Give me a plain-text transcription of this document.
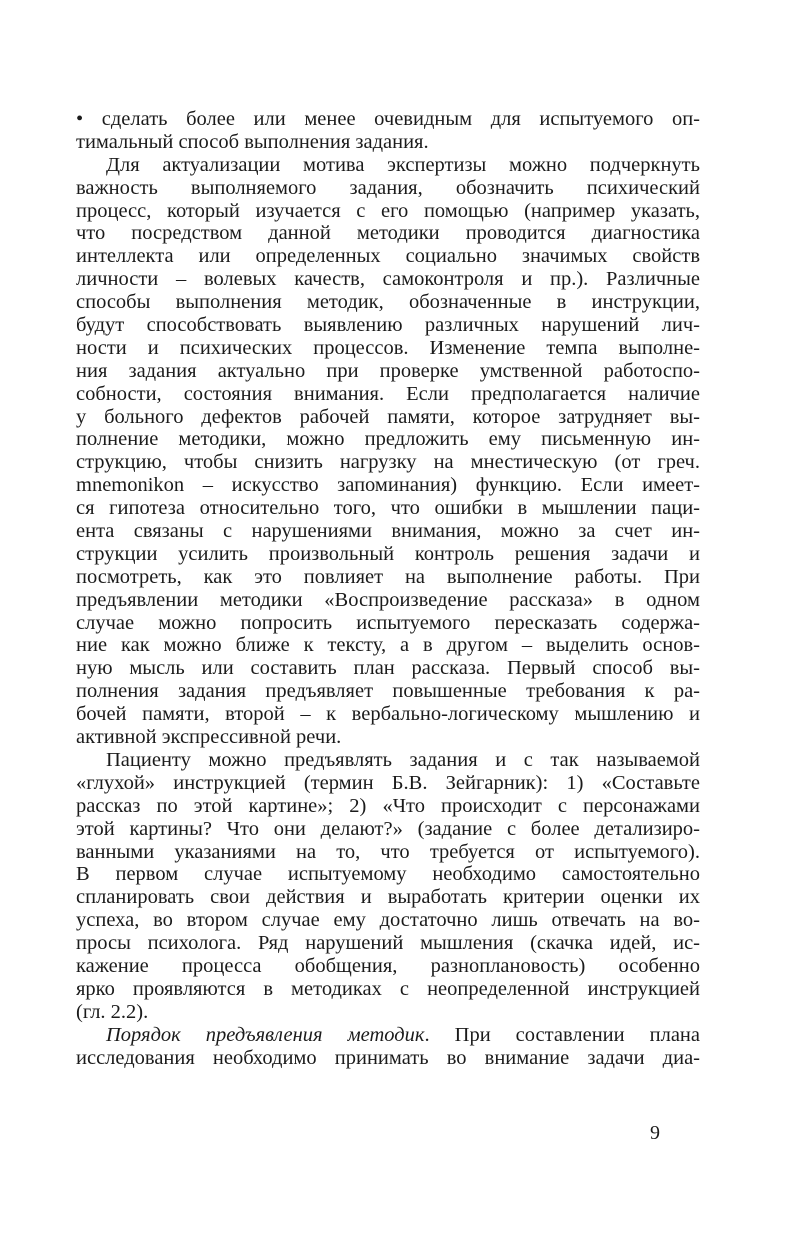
• сделать более или менее очевидным для испытуемого оп-
тимальный способ выполнения задания.
Для актуализации мотива экспертизы можно подчеркнуть
важность выполняемого задания, обозначить психический
процесс, который изучается с его помощью (например указать,
что посредством данной методики проводится диагностика
интеллекта или определенных социально значимых свойств
личности – волевых качеств, самоконтроля и пр.). Различные
способы выполнения методик, обозначенные в инструкции,
будут способствовать выявлению различных нарушений лич-
ности и психических процессов. Изменение темпа выполне-
ния задания актуально при проверке умственной работоспо-
собности, состояния внимания. Если предполагается наличие
у больного дефектов рабочей памяти, которое затрудняет вы-
полнение методики, можно предложить ему письменную ин-
струкцию, чтобы снизить нагрузку на мнестическую (от греч.
mnemonikon – искусство запоминания) функцию. Если имеет-
ся гипотеза относительно того, что ошибки в мышлении паци-
ента связаны с нарушениями внимания, можно за счет ин-
струкции усилить произвольный контроль решения задачи и
посмотреть, как это повлияет на выполнение работы. При
предъявлении методики «Воспроизведение рассказа» в одном
случае можно попросить испытуемого пересказать содержа-
ние как можно ближе к тексту, а в другом – выделить основ-
ную мысль или составить план рассказа. Первый способ вы-
полнения задания предъявляет повышенные требования к ра-
бочей памяти, второй – к вербально-логическому мышлению и
активной экспрессивной речи.
Пациенту можно предъявлять задания и с так называемой
«глухой» инструкцией (термин Б.В. Зейгарник): 1) «Составьте
рассказ по этой картине»; 2) «Что происходит с персонажами
этой картины? Что они делают?» (задание с более детализиро-
ванными указаниями на то, что требуется от испытуемого).
В первом случае испытуемому необходимо самостоятельно
спланировать свои действия и выработать критерии оценки их
успеха, во втором случае ему достаточно лишь отвечать на во-
просы психолога. Ряд нарушений мышления (скачка идей, ис-
кажение процесса обобщения, разноплановость) особенно
ярко проявляются в методиках с неопределенной инструкцией
(гл. 2.2).
Порядок предъявления методик. При составлении плана
исследования необходимо принимать во внимание задачи диа-
9
